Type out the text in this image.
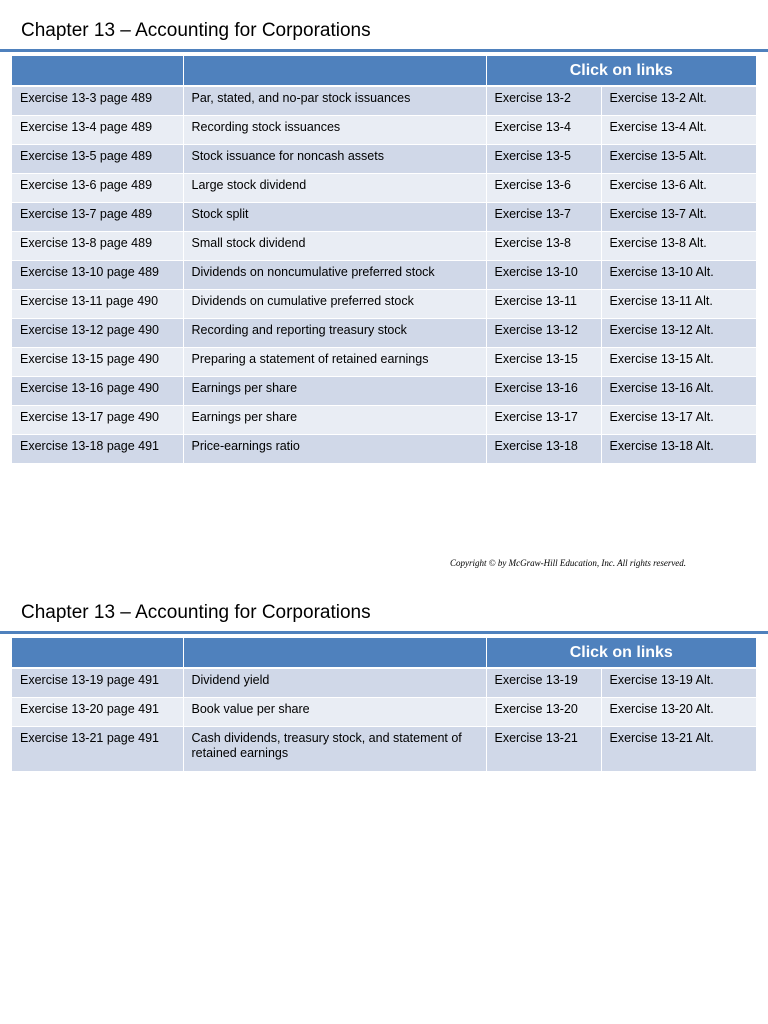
Chapter 13 – Accounting for Corporations
		Click on links	
Exercise 13-3 page 489	Par, stated, and no-par stock issuances	Exercise 13-2	Exercise 13-2 Alt.
Exercise 13-4 page 489	Recording stock issuances	Exercise 13-4	Exercise 13-4 Alt.
Exercise 13-5 page 489	Stock issuance for noncash assets	Exercise 13-5	Exercise 13-5 Alt.
Exercise 13-6 page 489	Large stock dividend	Exercise 13-6	Exercise 13-6 Alt.
Exercise 13-7 page 489	Stock split	Exercise 13-7	Exercise 13-7 Alt.
Exercise 13-8 page 489	Small stock dividend	Exercise 13-8	Exercise 13-8 Alt.
Exercise 13-10 page 489	Dividends on noncumulative preferred stock	Exercise 13-10	Exercise 13-10 Alt.
Exercise 13-11 page 490	Dividends on cumulative preferred stock	Exercise 13-11	Exercise 13-11 Alt.
Exercise 13-12 page 490	Recording and reporting treasury stock	Exercise 13-12	Exercise 13-12 Alt.
Exercise 13-15 page 490	Preparing a statement of retained earnings	Exercise 13-15	Exercise 13-15 Alt.
Exercise 13-16 page 490	Earnings per share	Exercise 13-16	Exercise 13-16 Alt.
Exercise 13-17 page 490	Earnings per share	Exercise 13-17	Exercise 13-17 Alt.
Exercise 13-18 page 491	Price-earnings ratio	Exercise 13-18	Exercise 13-18 Alt.
Copyright © by McGraw-Hill Education, Inc. All rights reserved.
Chapter 13 – Accounting for Corporations
		Click on links	
Exercise 13-19 page 491	Dividend yield	Exercise 13-19	Exercise 13-19 Alt.
Exercise 13-20 page 491	Book value per share	Exercise 13-20	Exercise 13-20 Alt.
Exercise 13-21 page 491	Cash dividends, treasury stock, and statement of retained earnings	Exercise 13-21	Exercise 13-21 Alt.
